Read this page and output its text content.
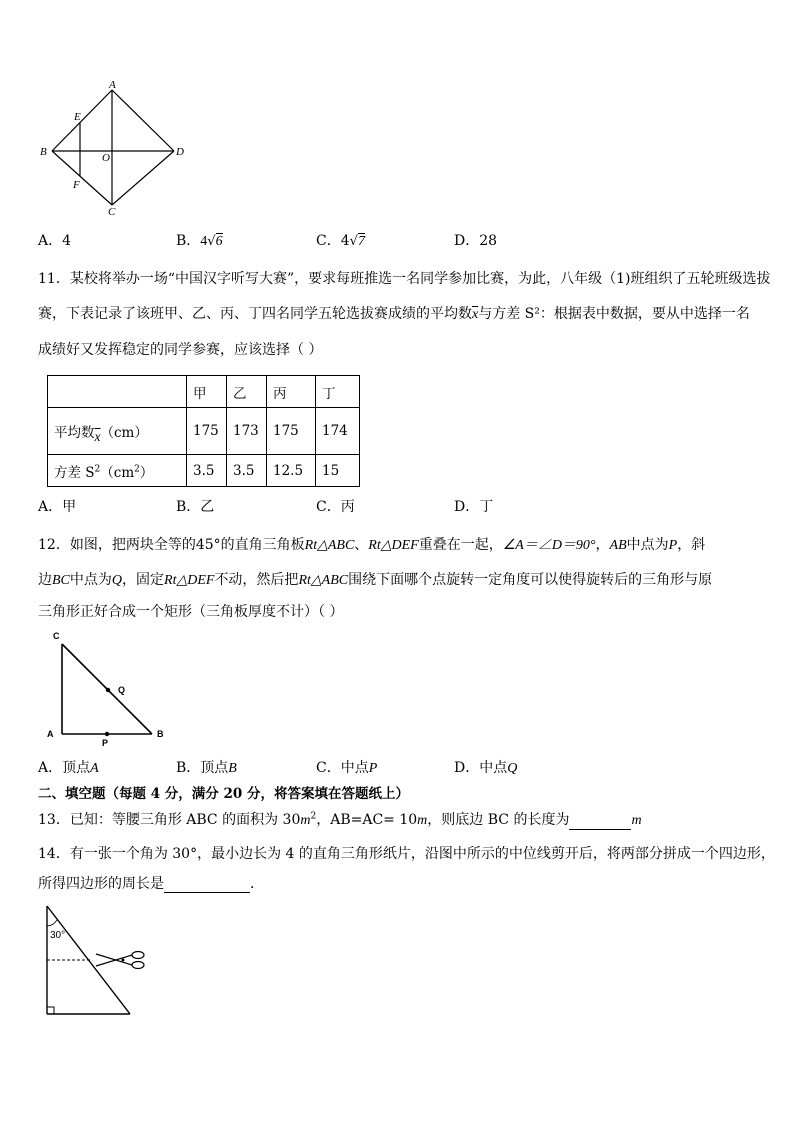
A
E
B	O	D
F
C
A．4	B．4√6	C．4√7	D．28
11．某校将举办一场“中国汉字听写大赛”，要求每班推选一名同学参加比赛，为此，八年级（1)班组织了五轮班级选拔
赛，下表记录了该班甲、乙、丙、丁四名同学五轮选拔赛成绩的平均数$\overline{x}$与方差 S²：根据表中数据，要从中选择一名
成绩好又发挥稳定的同学参赛，应该选择（ ）
	甲	乙	丙	丁
平均数$\overline{x}(cm)$	175	173	175	174
方差 $S^2(cm^2)$	3.5	3.5	12.5	15
A．甲	B．乙	C．丙	D．丁
12．如图，把两块全等的45°的直角三角板Rt△ABC、Rt△DEF重叠在一起，∠A＝∠D＝90°，AB中点为P，斜
边BC中点为Q，固定Rt△DEF不动，然后把Rt△ABC围绕下面哪个点旋转一定角度可以使得旋转后的三角形与原
三角形正好合成一个矩形（三角板厚度不计）（ ）
C
Q
A
P
B
A．顶点A	B．顶点B	C．中点P	D．中点Q
二、填空题（每题 4 分，满分 20 分，将答案填在答题纸上）
13．已知：等腰三角形 ABC 的面积为 $30m^2$，AB=AC= 10m，则底边 BC 的长度为	m
14．有一张一个角为 30°，最小边长为 4 的直角三角形纸片，沿图中所示的中位线剪开后，将两部分拼成一个四边形，
所得四边形的周长是	．
30°
